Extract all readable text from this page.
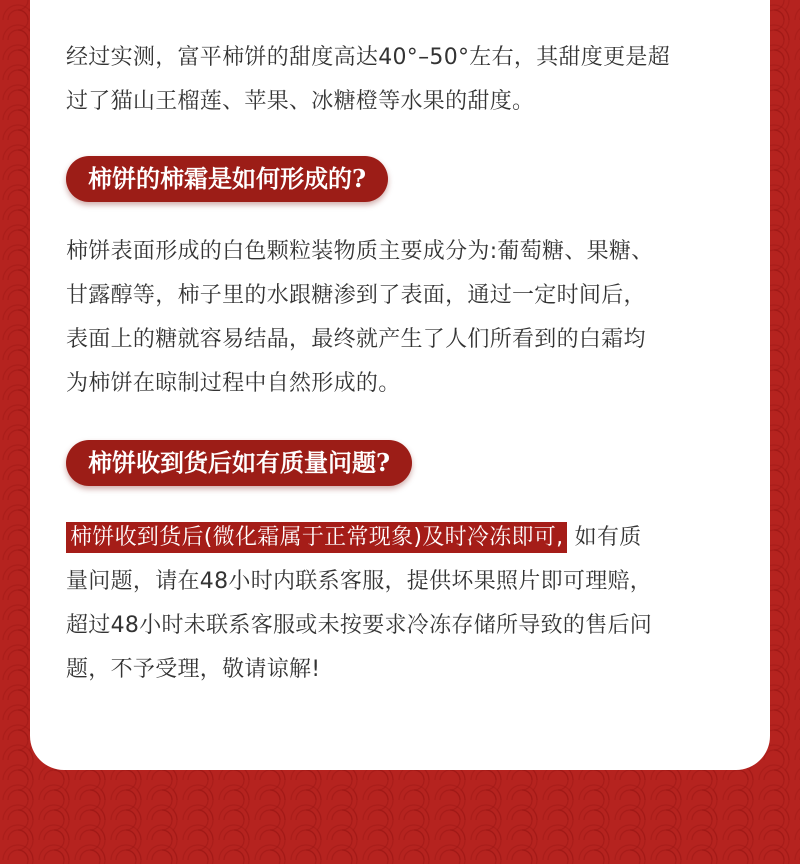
经过实测，富平柿饼的甜度高达40°–50°左右，其甜度更是超
过了猫山王榴莲、苹果、冰糖橙等水果的甜度。

柿饼的柿霜是如何形成的?

柿饼表面形成的白色颗粒装物质主要成分为:葡萄糖、果糖、
甘露醇等，柿子里的水跟糖渗到了表面，通过一定时间后，
表面上的糖就容易结晶，最终就产生了人们所看到的白霜均
为柿饼在晾制过程中自然形成的。

柿饼收到货后如有质量问题?

柿饼收到货后(微化霜属于正常现象)及时冷冻即可, 如有质
量问题，请在48小时内联系客服，提供坏果照片即可理赔，
超过48小时未联系客服或未按要求冷冻存储所导致的售后问
题，不予受理，敬请谅解!
